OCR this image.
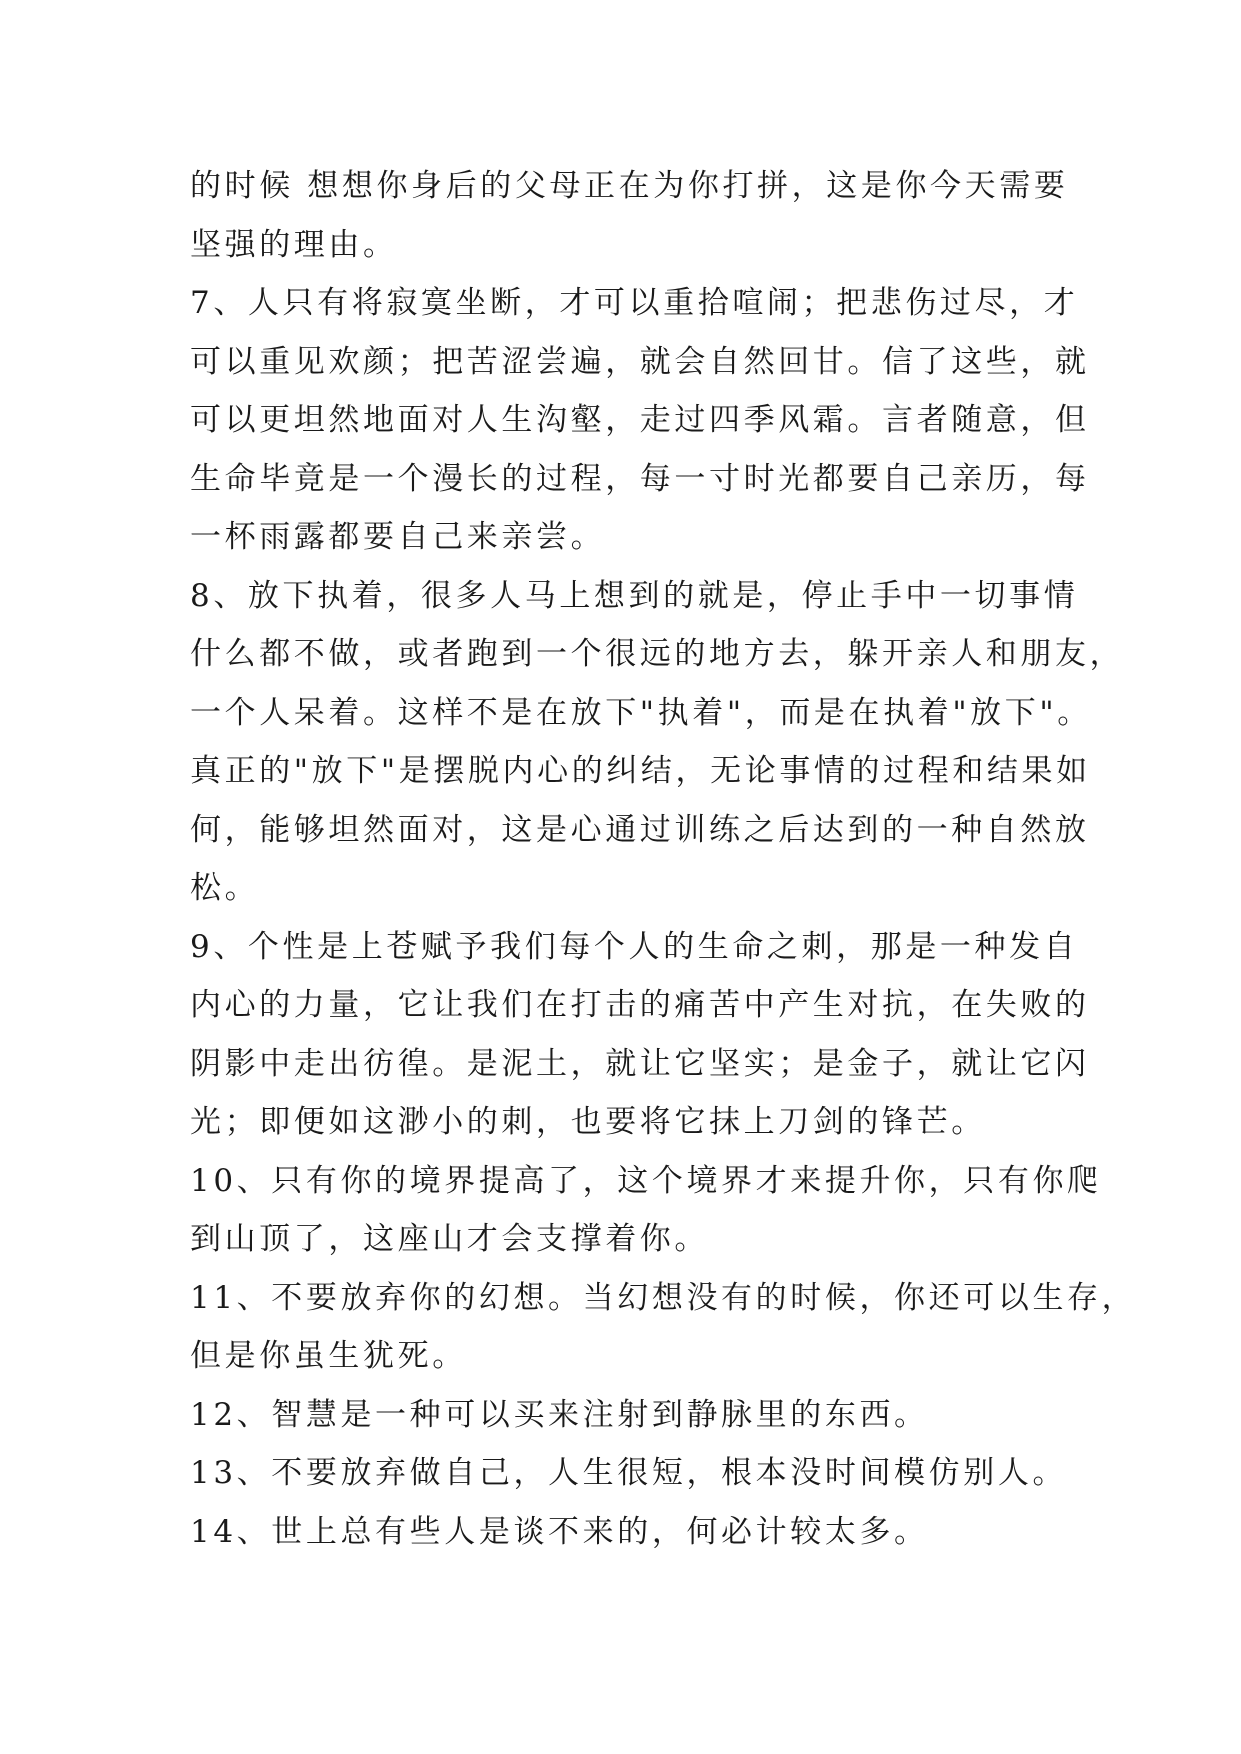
的时候 想想你身后的父母正在为你打拼，这是你今天需要
坚强的理由。
7、人只有将寂寞坐断，才可以重拾喧闹；把悲伤过尽，才
可以重见欢颜；把苦涩尝遍，就会自然回甘。信了这些，就
可以更坦然地面对人生沟壑，走过四季风霜。言者随意，但
生命毕竟是一个漫长的过程，每一寸时光都要自己亲历，每
一杯雨露都要自己来亲尝。
8、放下执着，很多人马上想到的就是，停止手中一切事情
什么都不做，或者跑到一个很远的地方去，躲开亲人和朋友，
一个人呆着。这样不是在放下"执着"，而是在执着"放下"。
真正的"放下"是摆脱内心的纠结，无论事情的过程和结果如
何，能够坦然面对，这是心通过训练之后达到的一种自然放
松。
9、个性是上苍赋予我们每个人的生命之刺，那是一种发自
内心的力量，它让我们在打击的痛苦中产生对抗，在失败的
阴影中走出彷徨。是泥土，就让它坚实；是金子，就让它闪
光；即便如这渺小的刺，也要将它抹上刀剑的锋芒。
10、只有你的境界提高了，这个境界才来提升你，只有你爬
到山顶了，这座山才会支撑着你。
11、不要放弃你的幻想。当幻想没有的时候，你还可以生存，
但是你虽生犹死。
12、智慧是一种可以买来注射到静脉里的东西。
13、不要放弃做自己，人生很短，根本没时间模仿别人。
14、世上总有些人是谈不来的，何必计较太多。
